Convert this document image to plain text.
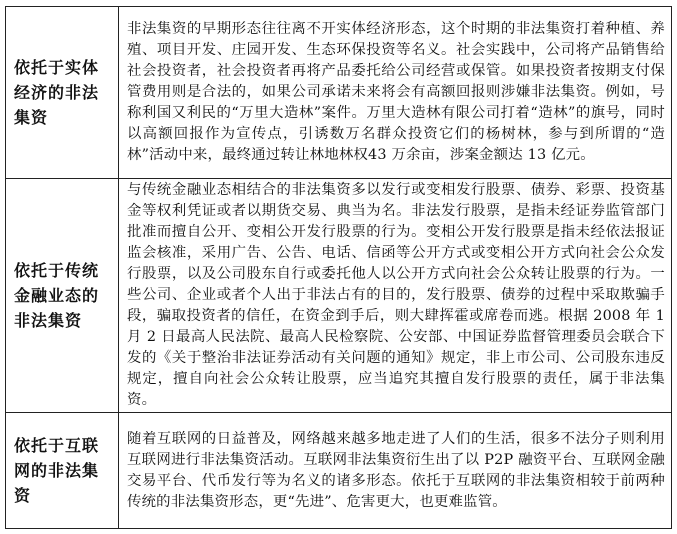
依托于实体经济的非法集资	非法集资的早期形态往往离不开实体经济形态，这个时期的非法集资打着种植、养殖、项目开发、庄园开发、生态环保投资等名义。社会实践中，公司将产品销售给社会投资者，社会投资者再将产品委托给公司经营或保管。如果投资者按期支付保管费用则是合法的，如果公司承诺未来将会有高额回报则涉嫌非法集资。例如，号称利国又利民的“万里大造林”案件。万里大造林有限公司打着“造林”的旗号，同时以高额回报作为宣传点，引诱数万名群众投资它们的杨树林，参与到所谓的“造林”活动中来，最终通过转让林地林权43 万余亩，涉案金额达 13 亿元。

依托于传统金融业态的非法集资	与传统金融业态相结合的非法集资多以发行或变相发行股票、债券、彩票、投资基金等权利凭证或者以期货交易、典当为名。非法发行股票，是指未经证券监管部门批准而擅自公开、变相公开发行股票的行为。变相公开发行股票是指未经依法报证监会核准，采用广告、公告、电话、信函等公开方式或变相公开方式向社会公众发行股票，以及公司股东自行或委托他人以公开方式向社会公众转让股票的行为。一些公司、企业或者个人出于非法占有的目的，发行股票、债券的过程中采取欺骗手段，骗取投资者的信任，在资金到手后，则大肆挥霍或席卷而逃。根据 2008 年 1 月 2 日最高人民法院、最高人民检察院、公安部、中国证券监督管理委员会联合下发的《关于整治非法证券活动有关问题的通知》规定，非上市公司、公司股东违反规定，擅自向社会公众转让股票，应当追究其擅自发行股票的责任，属于非法集资。

依托于互联网的非法集资	随着互联网的日益普及，网络越来越多地走进了人们的生活，很多不法分子则利用互联网进行非法集资活动。互联网非法集资衍生出了以 P2P 融资平台、互联网金融交易平台、代币发行等为名义的诸多形态。依托于互联网的非法集资相较于前两种传统的非法集资形态，更“先进”、危害更大，也更难监管。
